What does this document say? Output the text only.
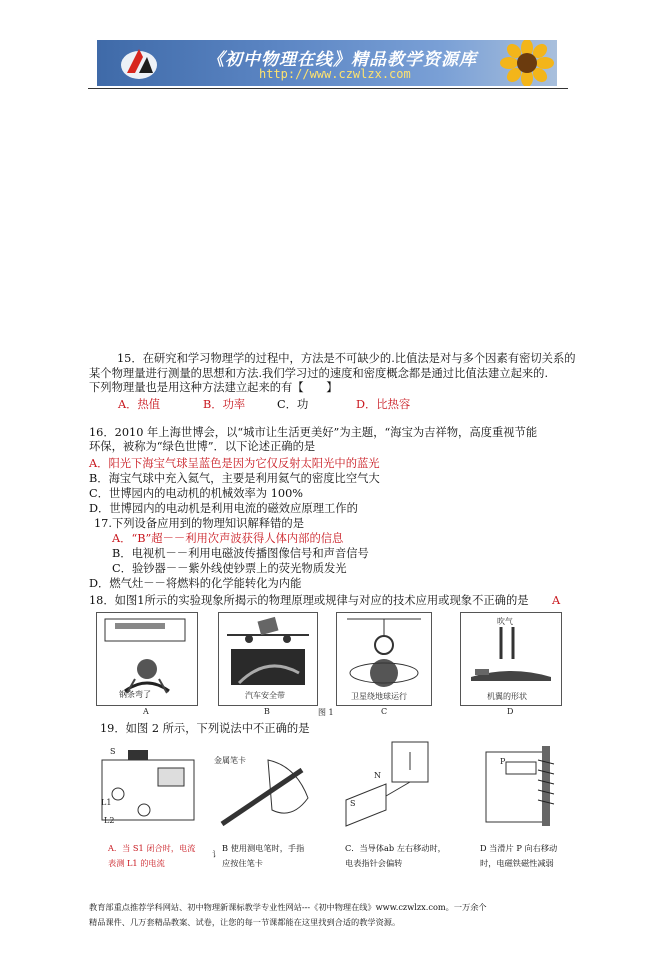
《初中物理在线》精品教学资源库
http://www.czwlzx.com
15．在研究和学习物理学的过程中，方法是不可缺少的.比值法是对与多个因素有密切关系的
某个物理量进行测量的思想和方法.我们学习过的速度和密度概念都是通过比值法建立起来的.
下列物理量也是用这种方法建立起来的有【　　】
A．热值	B．功率	C．功	D．比热容
16．2010 年上海世博会，以“城市让生活更美好”为主题，“海宝为吉祥物，高度重视节能
环保，被称为“绿色世博”．以下论述正确的是
A．阳光下海宝气球呈蓝色是因为它仅反射太阳光中的蓝光
B．海宝气球中充入氦气，主要是利用氦气的密度比空气大
C．世博园内的电动机的机械效率为 100%
D．世博园内的电动机是利用电流的磁效应原理工作的
17.下列设备应用到的物理知识解释错的是
A．“B”超－－利用次声波获得人体内部的信息
B．电视机－－利用电磁波传播图像信号和声音信号
C．验钞器－－紫外线使钞票上的荧光物质发光
D．燃气灶－－将燃料的化学能转化为内能
18．如图1所示的实验现象所揭示的物理原理或规律与对应的技术应用或现象不正确的是 A
钢条弯了	汽车安全带	卫星绕地球运行
吹气
机翼的形状
A	B	C	D
图 1
19．如图 2 所示，下列说法中不正确的是
S
L1
L2
金属笔卡
N
S
P
A．当 S1 闭合时，电流
表测 L1 的电流
讠
B 使用测电笔时，手指
应按住笔卡
C．当导体ab 左右移动时，
电表指针会偏转
D 当滑片 P 向右移动
时，电磁铁磁性减弱
教育部重点推荐学科网站、初中物理新课标教学专业性网站---《初中物理在线》www.czwlzx.com。一万余个
精品课件、几万套精品教案、试卷，让您的每一节课都能在这里找到合适的教学资源。
